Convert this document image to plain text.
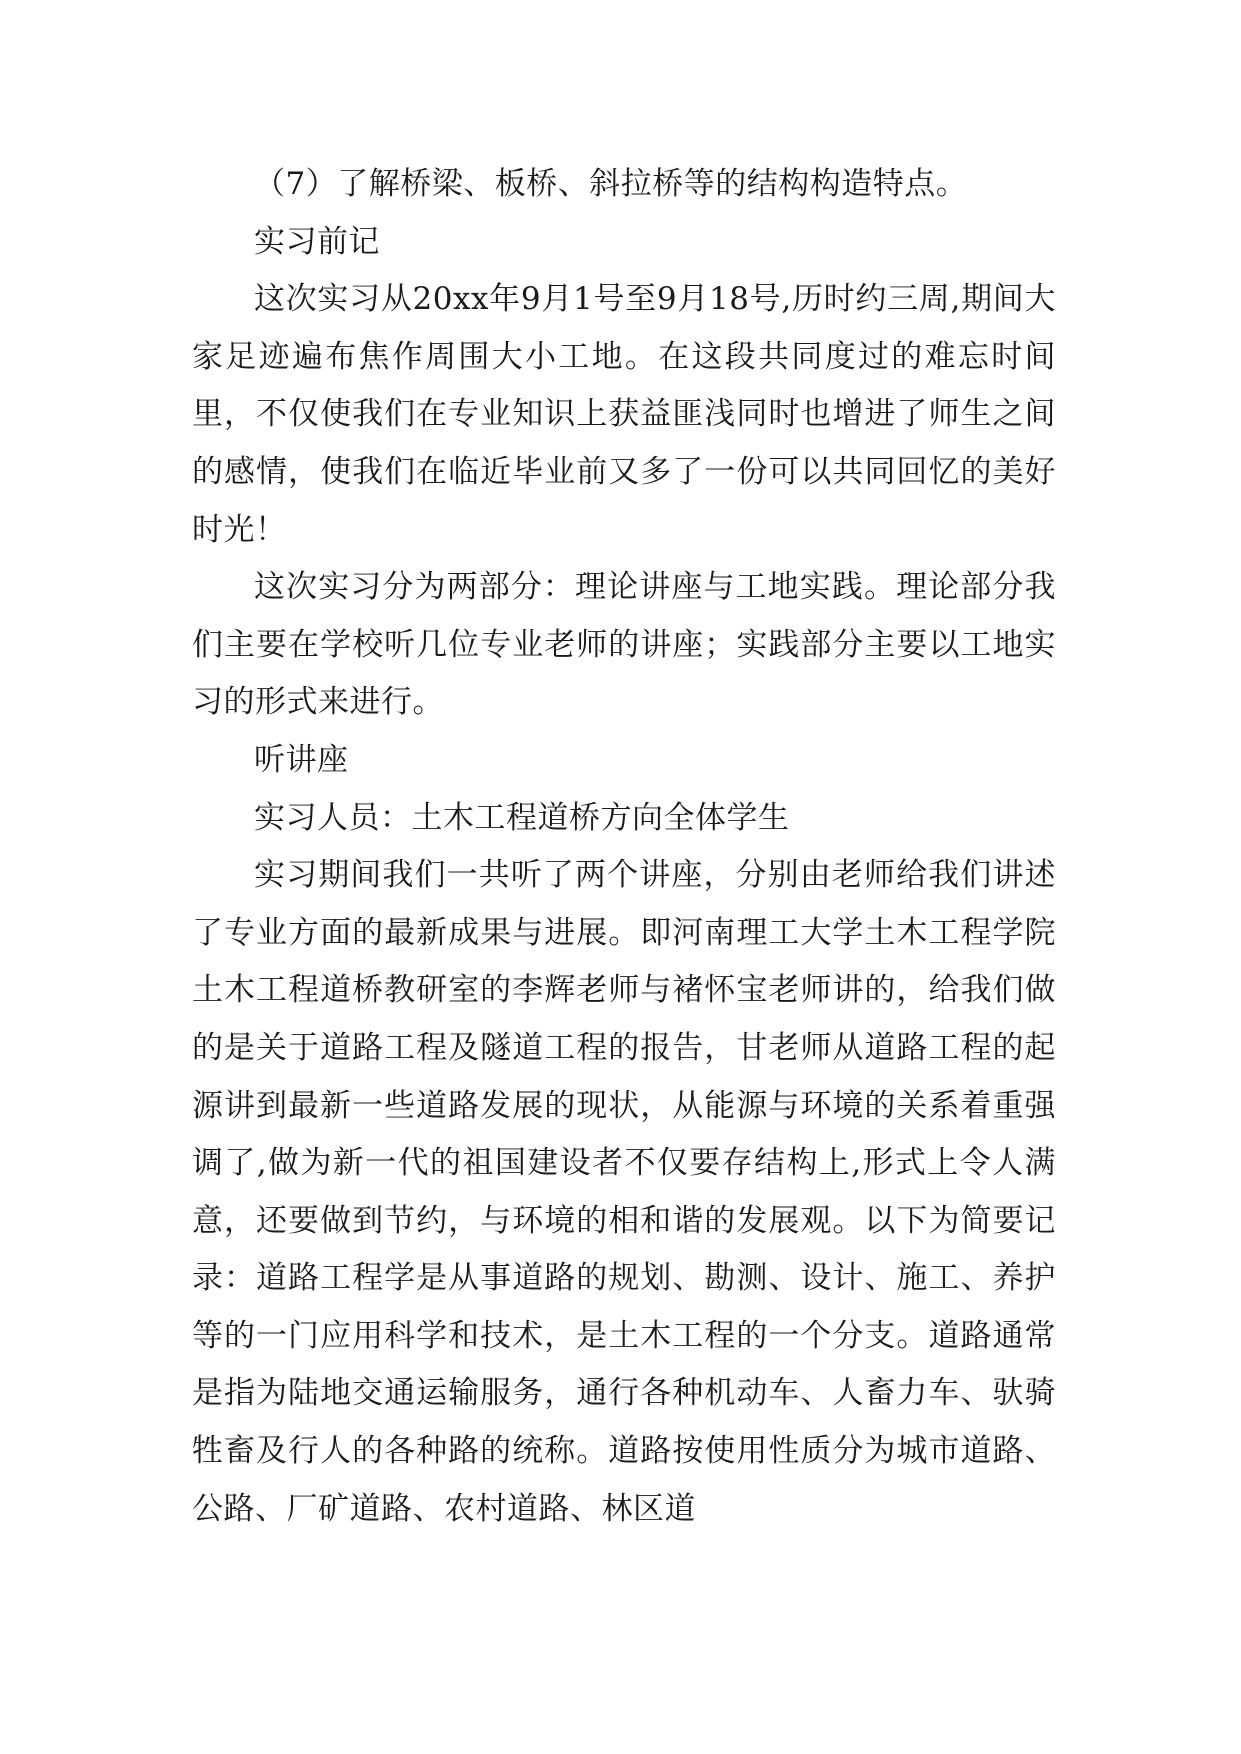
（7）了解桥梁、板桥、斜拉桥等的结构构造特点。

实习前记

这次实习从20xx年9月1号至9月18号,历时约三周,期间大家足迹遍布焦作周围大小工地。在这段共同度过的难忘时间里，不仅使我们在专业知识上获益匪浅同时也增进了师生之间的感情，使我们在临近毕业前又多了一份可以共同回忆的美好时光！

这次实习分为两部分：理论讲座与工地实践。理论部分我们主要在学校听几位专业老师的讲座；实践部分主要以工地实习的形式来进行。

听讲座

实习人员：土木工程道桥方向全体学生

实习期间我们一共听了两个讲座，分别由老师给我们讲述了专业方面的最新成果与进展。即河南理工大学土木工程学院土木工程道桥教研室的李辉老师与褚怀宝老师讲的，给我们做的是关于道路工程及隧道工程的报告，甘老师从道路工程的起源讲到最新一些道路发展的现状，从能源与环境的关系着重强调了,做为新一代的祖国建设者不仅要存结构上,形式上令人满意，还要做到节约，与环境的相和谐的发展观。以下为简要记录：道路工程学是从事道路的规划、勘测、设计、施工、养护等的一门应用科学和技术，是土木工程的一个分支。道路通常是指为陆地交通运输服务，通行各种机动车、人畜力车、驮骑牲畜及行人的各种路的统称。道路按使用性质分为城市道路、公路、厂矿道路、农村道路、林区道
